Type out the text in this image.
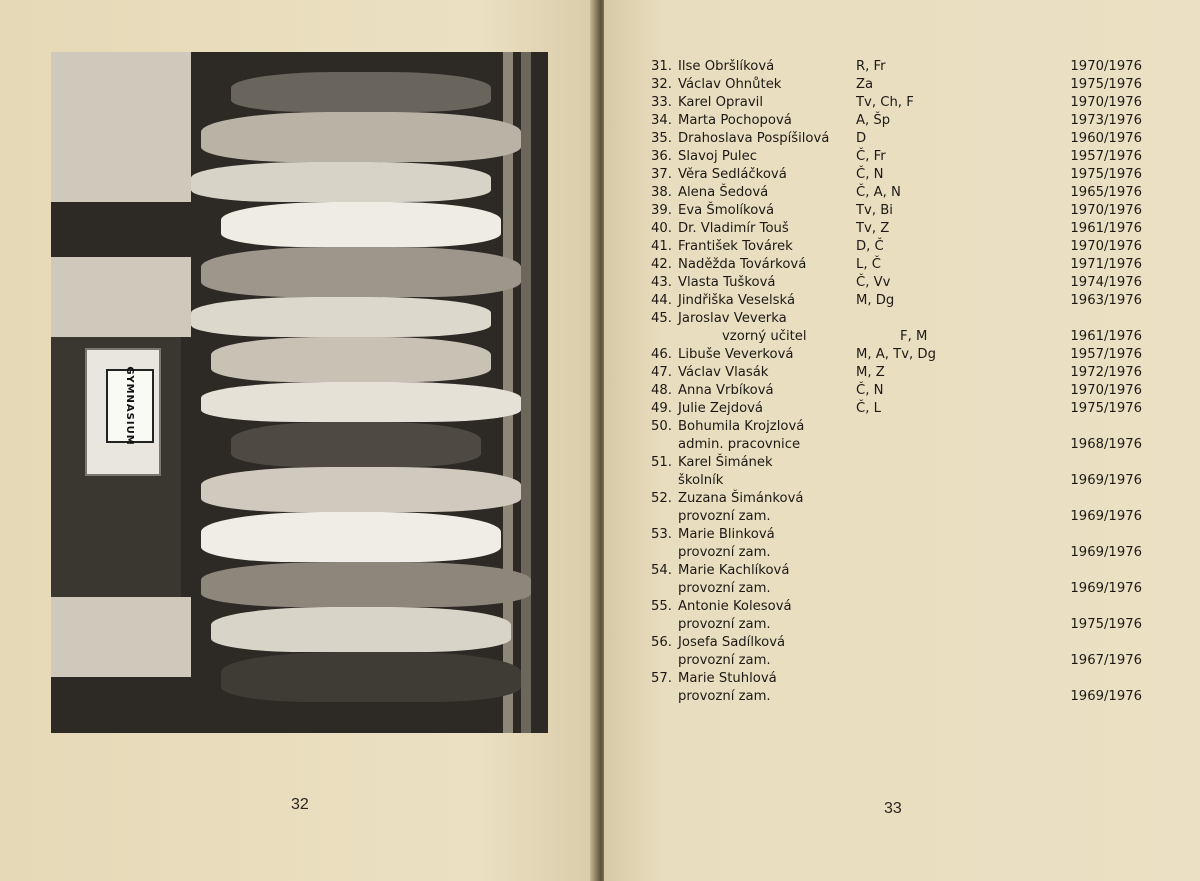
GYMNASIUM
32	33
31. Ilse Obršlíková	R, Fr	1970/1976
32. Václav Ohnůtek	Za	1975/1976
33. Karel Opravil	Tv, Ch, F	1970/1976
34. Marta Pochopová	A, Šp	1973/1976
35. Drahoslava Pospíšilová	D	1960/1976
36. Slavoj Pulec	Č, Fr	1957/1976
37. Věra Sedláčková	Č, N	1975/1976
38. Alena Šedová	Č, A, N	1965/1976
39. Eva Šmolíková	Tv, Bi	1970/1976
40. Dr. Vladimír Touš	Tv, Z	1961/1976
41. František Továrek	D, Č	1970/1976
42. Naděžda Továrková	L, Č	1971/1976
43. Vlasta Tušková	Č, Vv	1974/1976
44. Jindřiška Veselská	M, Dg	1963/1976
45. Jaroslav Veverka
vzorný učitel	F, M	1961/1976
46. Libuše Veverková	M, A, Tv, Dg	1957/1976
47. Václav Vlasák	M, Z	1972/1976
48. Anna Vrbíková	Č, N	1970/1976
49. Julie Zejdová	Č, L	1975/1976
50. Bohumila Krojzlová
admin. pracovnice	1968/1976
51. Karel Šimánek
školník	1969/1976
52. Zuzana Šimánková
provozní zam.	1969/1976
53. Marie Blinková
provozní zam.	1969/1976
54. Marie Kachlíková
provozní zam.	1969/1976
55. Antonie Kolesová
provozní zam.	1975/1976
56. Josefa Sadílková
provozní zam.	1967/1976
57. Marie Stuhlová
provozní zam.	1969/1976
